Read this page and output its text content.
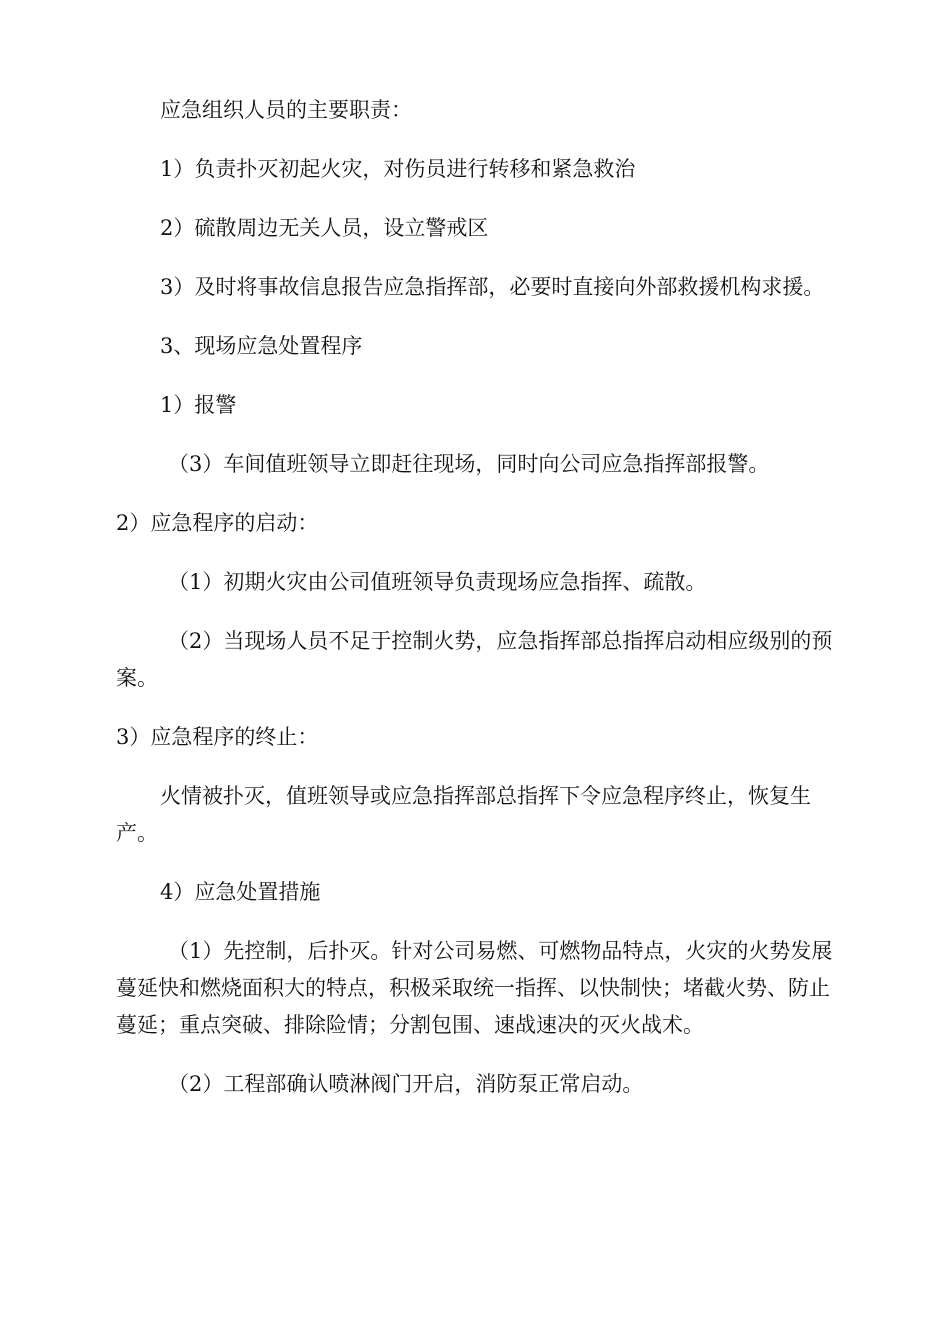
应急组织人员的主要职责：

1）负责扑灭初起火灾，对伤员进行转移和紧急救治

2）硫散周边无关人员，设立警戒区

3）及时将事故信息报告应急指挥部，必要时直接向外部救援机构求援。

3、现场应急处置程序

1）报警

（3）车间值班领导立即赶往现场，同时向公司应急指挥部报警。

2）应急程序的启动：

（1）初期火灾由公司值班领导负责现场应急指挥、疏散。

（2）当现场人员不足于控制火势，应急指挥部总指挥启动相应级别的预案。

3）应急程序的终止：

火情被扑灭，值班领导或应急指挥部总指挥下令应急程序终止，恢复生产。

4）应急处置措施

（1）先控制，后扑灭。针对公司易燃、可燃物品特点，火灾的火势发展蔓延快和燃烧面积大的特点，积极采取统一指挥、以快制快；堵截火势、防止蔓延；重点突破、排除险情；分割包围、速战速决的灭火战术。

（2）工程部确认喷淋阀门开启，消防泵正常启动。
